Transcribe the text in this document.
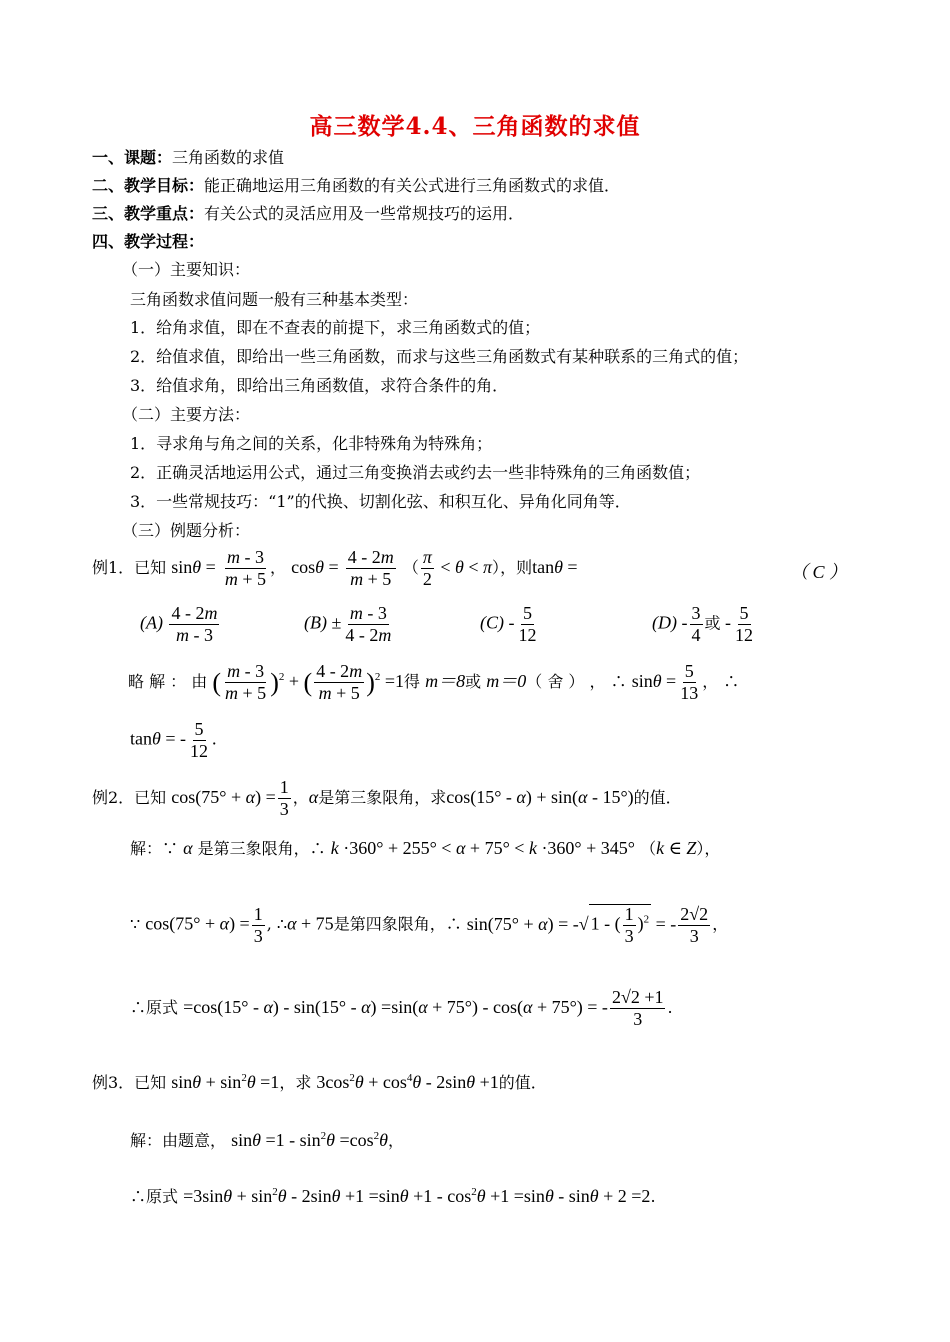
高三数学4.4、三角函数的求值
一、课题：三角函数的求值
二、教学目标：能正确地运用三角函数的有关公式进行三角函数式的求值．
三、教学重点：有关公式的灵活应用及一些常规技巧的运用．
四、教学过程：
（一）主要知识：
三角函数求值问题一般有三种基本类型：
1．给角求值，即在不查表的前提下，求三角函数式的值；
2．给值求值，即给出一些三角函数，而求与这些三角函数式有某种联系的三角式的值；
3．给值求角，即给出三角函数值，求符合条件的角．
（二）主要方法：
1．寻求角与角之间的关系，化非特殊角为特殊角；
2．正确灵活地运用公式，通过三角变换消去或约去一些非特殊角的三角函数值；
3．一些常规技巧：“1”的代换、切割化弦、和积互化、异角化同角等．
（三）例题分析：
例1．已知 $\sin\theta = \frac{m - 3}{m + 5}$ ， $\cos\theta = \frac{4 - 2m}{m + 5}$ （ $\frac{\pi}{2} < \theta < \pi$），则tanθ =	（ C ）
$(A) \frac{4 - 2m}{m - 3}$	$(B) \pm \frac{m - 3}{4 - 2m}$	$(C) - \frac{5}{12}$	$(D) - \frac{3}{4}$ 或 - $\frac{5}{12}$
略 解 ： 由 ( $\frac{m - 3}{m + 5} )^2$ + ( $\frac{4 - 2m}{m + 5} )^2 =1$得 m＝8或 m＝0（ 舍 ） ， ∴ $\sin\theta = \frac{5}{13}$ ， ∴
tanθ = - $\frac{5}{12}$ .
例2．已知 $\cos(75^\circ + \alpha) = \frac{1}{3}$ ，α是第三象限角，求cos(15° - α) + sin(α - 15°)的值．
解：∵ α 是第三象限角，∴ k ·360° + 255° < α + 75° < k ·360° + 345° （k ∈ Z），
∵ $\cos(75^\circ + \alpha) = \frac{1}{3}$ , ∴α + 75是第四象限角，∴ sin(75° + α) = -√ 1 - ( $\frac{1}{3} )^2$ = - $\frac{2√2}{3}$ ，
∴原式 =cos(15° - α) - sin(15° - α) =sin(α + 75°) - cos(α + 75°) = - $\frac{2√2 +1}{3}$ .
例3．已知 $\sin\theta + \sin^2\theta =1$，求 $3\cos^2\theta + \cos^4\theta - 2\sin\theta +1$的值．
解：由题意， $\sin\theta =1 - \sin^2\theta =\cos^2\theta$，
∴原式 $=3\sin\theta + \sin^2\theta - 2\sin\theta +1 =\sin\theta +1 - \cos^2\theta +1 =\sin\theta - \sin\theta + 2 =2$.
